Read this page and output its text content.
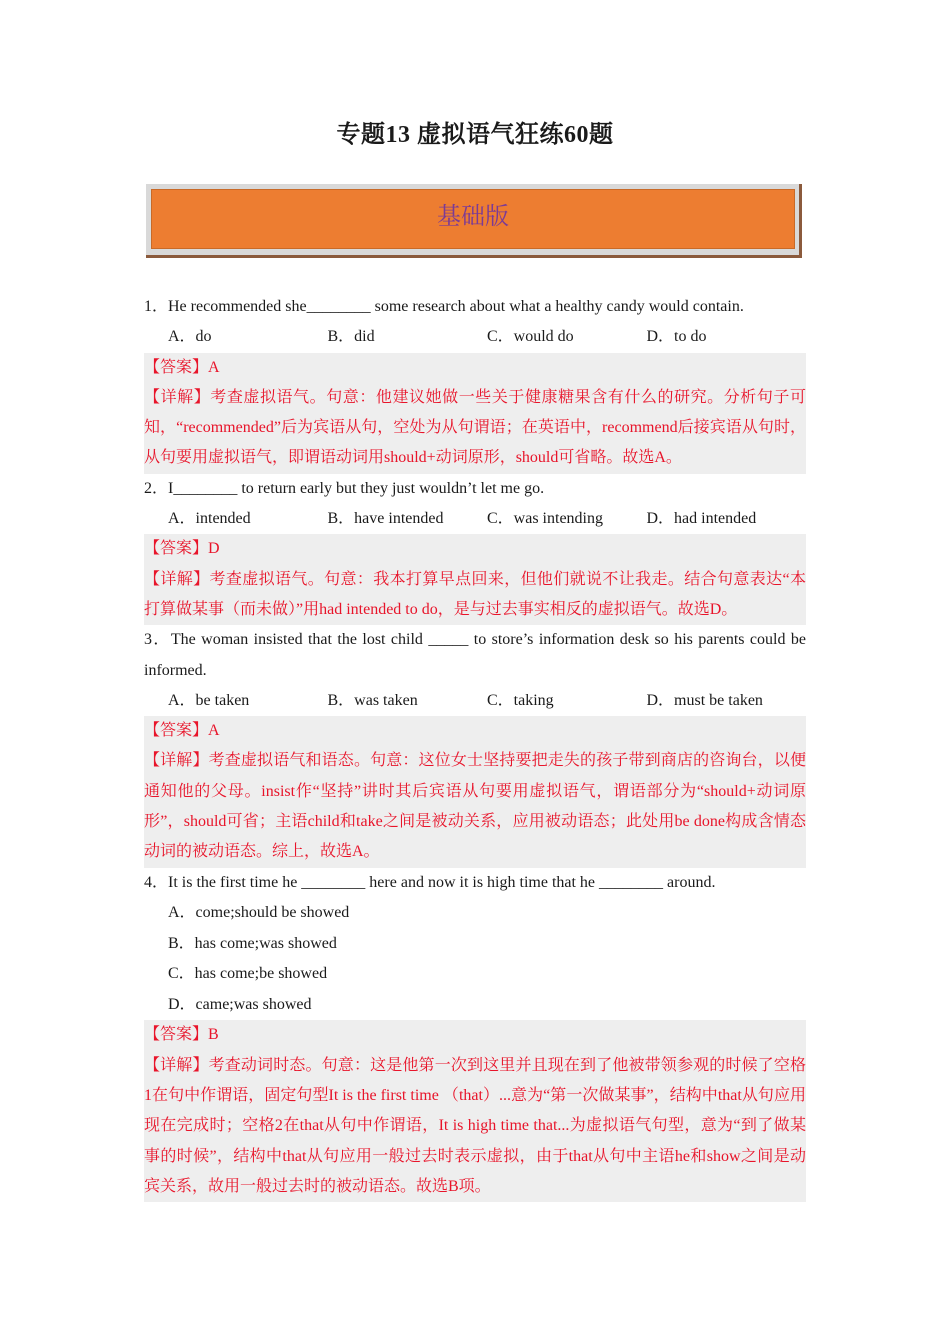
专题13 虚拟语气狂练60题
基础版
1．He recommended she________ some research about what a healthy candy would contain.
A．do	B．did	C．would do	D．to do
【答案】A
【详解】考查虚拟语气。句意：他建议她做一些关于健康糖果含有什么的研究。分析句子可知，“recommended”后为宾语从句，空处为从句谓语；在英语中，recommend后接宾语从句时，从句要用虚拟语气，即谓语动词用should+动词原形，should可省略。故选A。
2．I________ to return early but they just wouldn’t let me go.
A．intended	B．have intended	C．was intending	D．had intended
【答案】D
【详解】考查虚拟语气。句意：我本打算早点回来，但他们就说不让我走。结合句意表达“本打算做某事（而未做）”用had intended to do，是与过去事实相反的虚拟语气。故选D。
3．The woman insisted that the lost child _____ to store’s information desk so his parents could be informed.
A．be taken	B．was taken	C．taking	D．must be taken
【答案】A
【详解】考查虚拟语气和语态。句意：这位女士坚持要把走失的孩子带到商店的咨询台，以便通知他的父母。insist作“坚持”讲时其后宾语从句要用虚拟语气，谓语部分为“should+动词原形”，should可省；主语child和take之间是被动关系，应用被动语态；此处用be done构成含情态动词的被动语态。综上，故选A。
4．It is the first time he ________ here and now it is high time that he ________ around.
A．come;should be showed
B．has come;was showed
C．has come;be showed
D．came;was showed
【答案】B
【详解】考查动词时态。句意：这是他第一次到这里并且现在到了他被带领参观的时候了空格1在句中作谓语，固定句型It is the first time （that）...意为“第一次做某事”，结构中that从句应用现在完成时；空格2在that从句中作谓语，It is high time that...为虚拟语气句型，意为“到了做某事的时候”，结构中that从句应用一般过去时表示虚拟，由于that从句中主语he和show之间是动宾关系，故用一般过去时的被动语态。故选B项。
